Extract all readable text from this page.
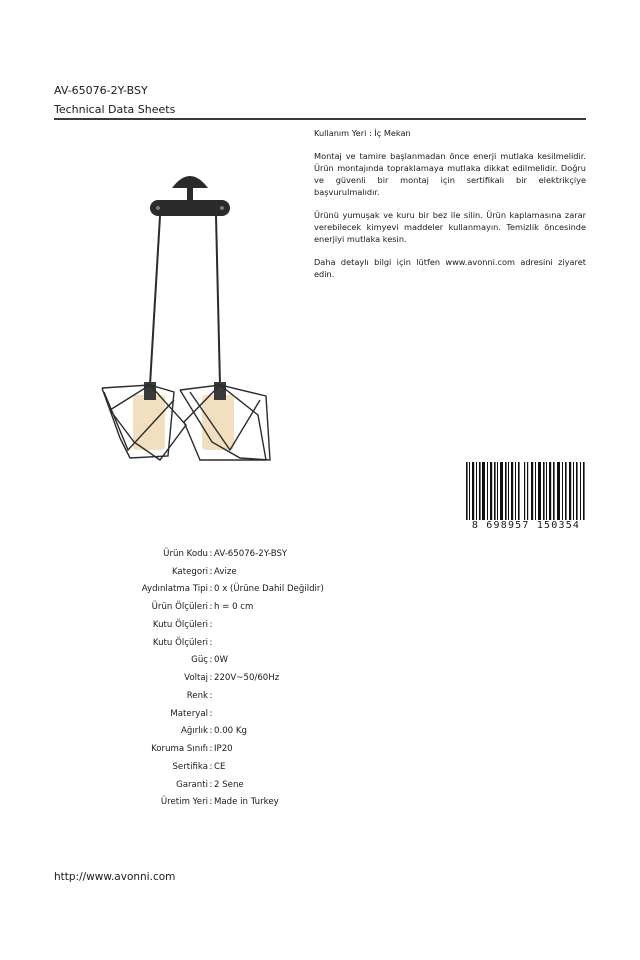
AV-65076-2Y-BSY
Technical Data Sheets

Kullanım Yeri : İç Mekan

Montaj ve tamire başlanmadan önce enerji mutlaka kesilmelidir. Ürün montajında topraklamaya mutlaka dikkat edilmelidir. Doğru ve güvenli bir montaj için sertifikalı bir elektrikçiye başvurulmalıdır.

Ürünü yumuşak ve kuru bir bez ile silin. Ürün kaplamasına zarar verebilecek kimyevi maddeler kullanmayın. Temizlik öncesinde enerjiyi mutlaka kesin.

Daha detaylı bilgi için lütfen www.avonni.com adresini ziyaret edin.

8 698957 150354
Ürün Kodu : AV-65076-2Y-BSY
Kategori : Avize
Aydınlatma Tipi : 0 x (Ürüne Dahil Değildir)
Ürün Ölçüleri : h = 0 cm
Kutu Ölçüleri :
Kutu Ölçüleri :
Güç : 0W
Voltaj : 220V~50/60Hz
Renk :
Materyal :
Ağırlık : 0.00 Kg
Koruma Sınıfı : IP20
Sertifika : CE
Garanti : 2 Sene
Üretim Yeri : Made in Turkey
http://www.avonni.com
